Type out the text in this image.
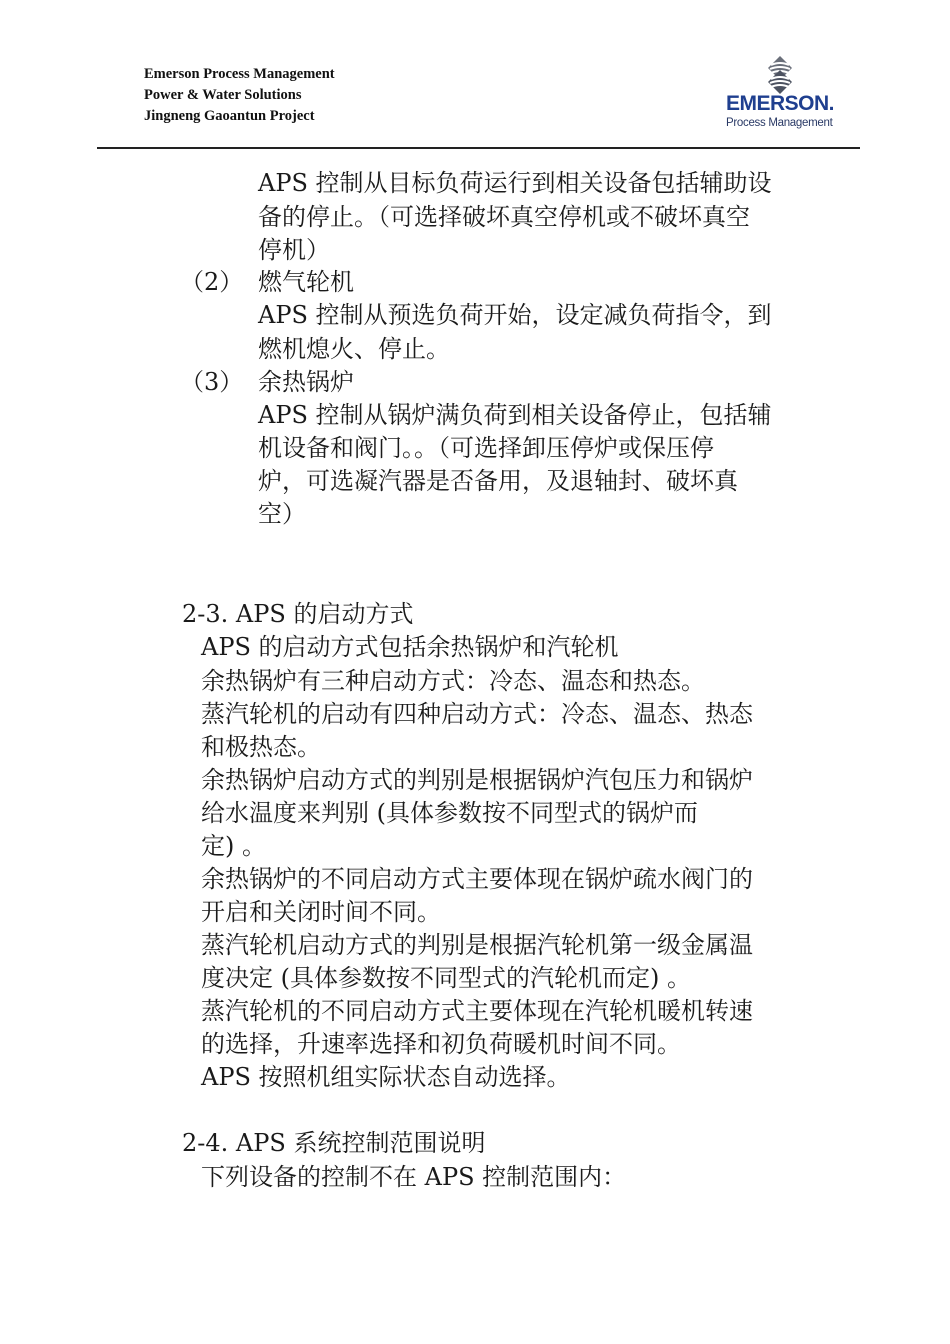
Emerson Process Management
Power & Water Solutions
Jingneng Gaoantun Project
EMERSON.
Process Management
APS 控制从目标负荷运行到相关设备包括辅助设
备的停止。（可选择破坏真空停机或不破坏真空
停机）
（2） 燃气轮机
APS 控制从预选负荷开始，设定减负荷指令，到
燃机熄火、停止。
（3） 余热锅炉
APS 控制从锅炉满负荷到相关设备停止，包括辅
机设备和阀门。。（可选择卸压停炉或保压停
炉，可选凝汽器是否备用，及退轴封、破坏真
空）
2-3. APS 的启动方式
APS 的启动方式包括余热锅炉和汽轮机
余热锅炉有三种启动方式：冷态、温态和热态。
蒸汽轮机的启动有四种启动方式：冷态、温态、热态
和极热态。
余热锅炉启动方式的判别是根据锅炉汽包压力和锅炉
给水温度来判别 (具体参数按不同型式的锅炉而
定) 。
余热锅炉的不同启动方式主要体现在锅炉疏水阀门的
开启和关闭时间不同。
蒸汽轮机启动方式的判别是根据汽轮机第一级金属温
度决定 (具体参数按不同型式的汽轮机而定) 。
蒸汽轮机的不同启动方式主要体现在汽轮机暖机转速
的选择，升速率选择和初负荷暖机时间不同。
APS 按照机组实际状态自动选择。
2-4. APS 系统控制范围说明
下列设备的控制不在 APS 控制范围内：
